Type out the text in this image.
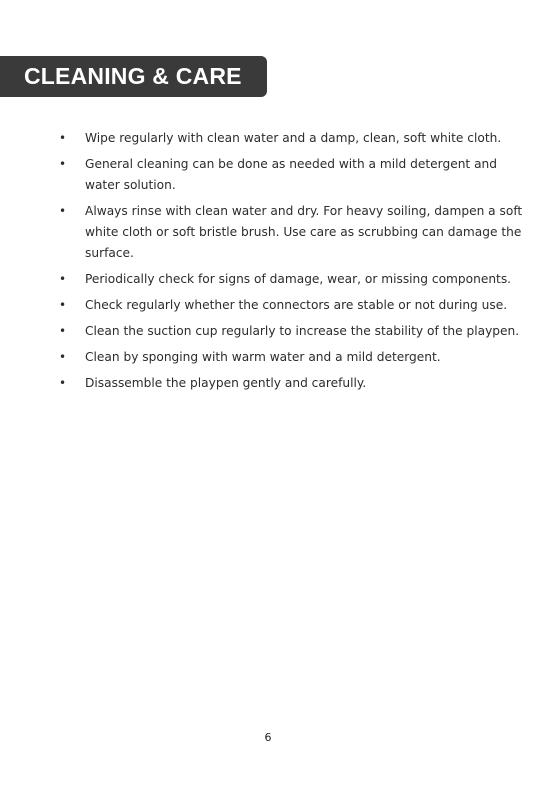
CLEANING & CARE
• Wipe regularly with clean water and a damp, clean, soft white cloth.
• General cleaning can be done as needed with a mild detergent and water solution.
• Always rinse with clean water and dry. For heavy soiling, dampen a soft white cloth or soft bristle brush. Use care as scrubbing can damage the surface.
• Periodically check for signs of damage, wear, or missing components.
• Check regularly whether the connectors are stable or not during use.
• Clean the suction cup regularly to increase the stability of the playpen.
• Clean by sponging with warm water and a mild detergent.
• Disassemble the playpen gently and carefully.
6
